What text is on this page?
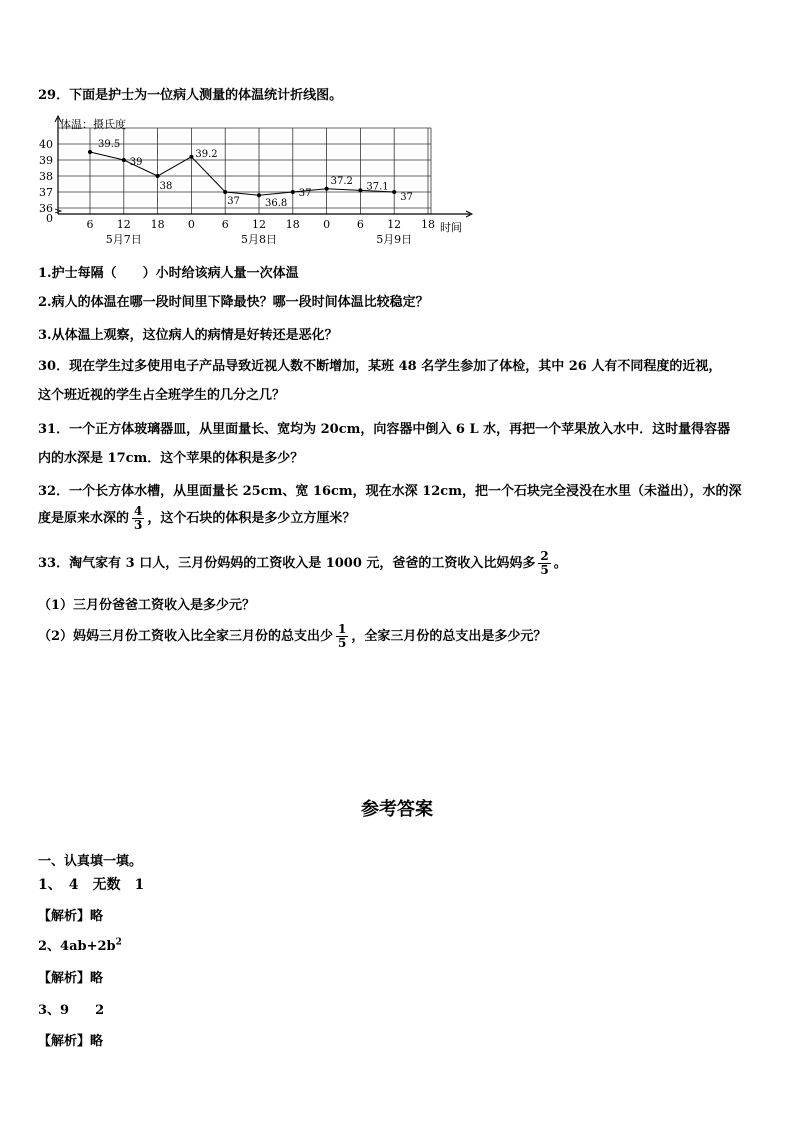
29．下面是护士为一位病人测量的体温统计折线图。
40
39
38
37
36
0	6 12 18 0 6 12 18 0 6 12 18
5月7日	5月8日	5月9日
39.5
39
38
39.2
37	36.8
37
37.2
37.1
37
体温：摄氏度
时间
1.护士每隔（　　）小时给该病人量一次体温
2.病人的体温在哪一段时间里下降最快？哪一段时间体温比较稳定？
3.从体温上观察，这位病人的病情是好转还是恶化？
30．现在学生过多使用电子产品导致近视人数不断增加，某班 48 名学生参加了体检，其中 26 人有不同程度的近视，
这个班近视的学生占全班学生的几分之几？
31．一个正方体玻璃器皿，从里面量长、宽均为 20cm，向容器中倒入 6 L 水，再把一个苹果放入水中．这时量得容器
内的水深是 17cm．这个苹果的体积是多少？
32．一个长方体水槽，从里面量长 25cm、宽 16cm，现在水深 12cm，把一个石块完全浸没在水里（未溢出），水的深
度是原来水深的 $\frac{4}{3}$ ，这个石块的体积是多少立方厘米？
33．淘气家有 3 口人，三月份妈妈的工资收入是 1000 元，爸爸的工资收入比妈妈多 $\frac{2}{5}$ 。
（1）三月份爸爸工资收入是多少元？
（2）妈妈三月份工资收入比全家三月份的总支出少 $\frac{1}{5}$ ，全家三月份的总支出是多少元？
参考答案
一、认真填一填。
1、　4　无数　1
【解析】略
2、$4ab+2b^2$
【解析】略
3、9　　2
【解析】略
